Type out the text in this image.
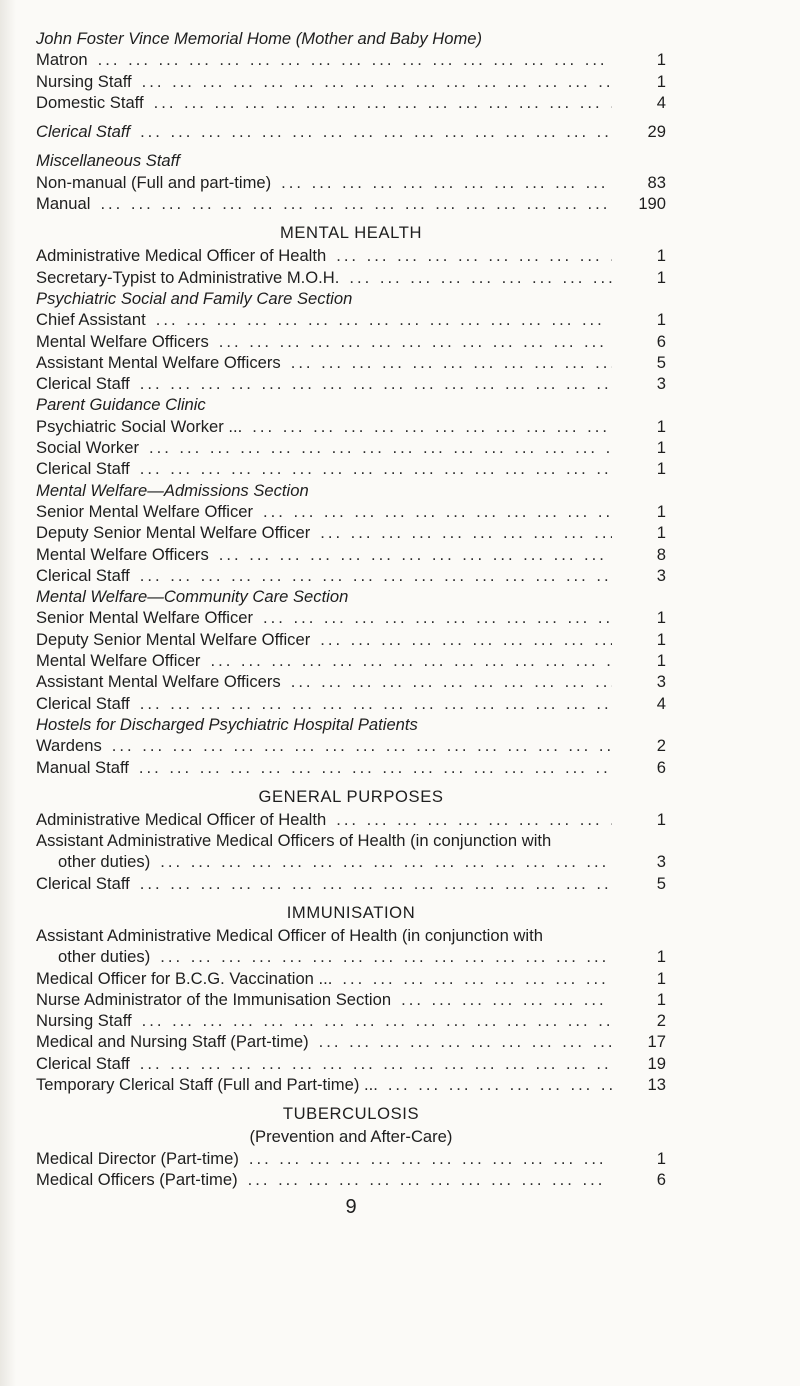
John Foster Vince Memorial Home (Mother and Baby Home)
Matron ... .	1
Nursing Staff ... .	1
Domestic Staff ... .	4
Clerical Staff ... .	29
Miscellaneous Staff
Non-manual (Full and part-time) ... .	83
Manual ... .	190
MENTAL HEALTH
Administrative Medical Officer of Health ... .	1
Secretary-Typist to Administrative M.O.H. ... .	1
Psychiatric Social and Family Care Section
Chief Assistant ... .	1
Mental Welfare Officers ... .	6
Assistant Mental Welfare Officers ... .	5
Clerical Staff ... .	3
Parent Guidance Clinic
Psychiatric Social Worker ... ... .	1
Social Worker ... .	1
Clerical Staff ... .	1
Mental Welfare—Admissions Section
Senior Mental Welfare Officer ... .	1
Deputy Senior Mental Welfare Officer ... .	1
Mental Welfare Officers ... .	8
Clerical Staff ... .	3
Mental Welfare—Community Care Section
Senior Mental Welfare Officer ... .	1
Deputy Senior Mental Welfare Officer ... .	1
Mental Welfare Officer ... .	1
Assistant Mental Welfare Officers ... .	3
Clerical Staff ... .	4
Hostels for Discharged Psychiatric Hospital Patients
Wardens ... .	2
Manual Staff ... .	6
GENERAL PURPOSES
Administrative Medical Officer of Health ... .	1
Assistant Administrative Medical Officers of Health (in conjunction with
other duties) ... .	3
Clerical Staff ... .	5
IMMUNISATION
Assistant Administrative Medical Officer of Health (in conjunction with
other duties) ... .	1
Medical Officer for B.C.G. Vaccination ... ... .	1
Nurse Administrator of the Immunisation Section ... .	1
Nursing Staff ... .	2
Medical and Nursing Staff (Part-time) ... .	17
Clerical Staff ... .	19
Temporary Clerical Staff (Full and Part-time) ... ... .	13
TUBERCULOSIS
(Prevention and After-Care)
Medical Director (Part-time) ... .	1
Medical Officers (Part-time) ... .	6
9
